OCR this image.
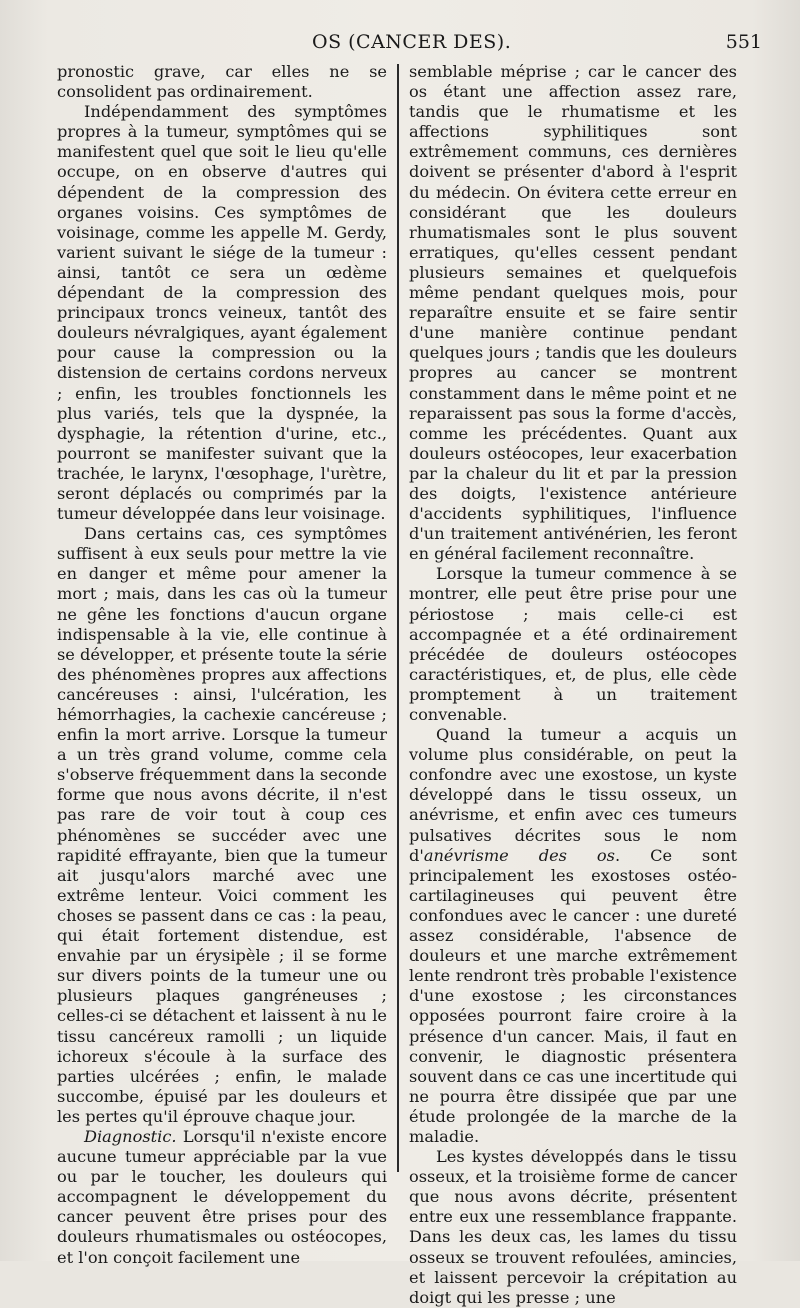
OS (CANCER DES).	551

pronostic grave, car elles ne se consolident pas ordinairement.

Indépendamment des symptômes propres à la tumeur, symptômes qui se manifestent quel que soit le lieu qu'elle occupe, on en observe d'autres qui dépendent de la compression des organes voisins. Ces symptômes de voisinage, comme les appelle M. Gerdy, varient suivant le siége de la tumeur : ainsi, tantôt ce sera un œdème dépendant de la compression des principaux troncs veineux, tantôt des douleurs névralgiques, ayant également pour cause la compression ou la distension de certains cordons nerveux ; enfin, les troubles fonctionnels les plus variés, tels que la dyspnée, la dysphagie, la rétention d'urine, etc., pourront se manifester suivant que la trachée, le larynx, l'œsophage, l'urètre, seront déplacés ou comprimés par la tumeur développée dans leur voisinage.

Dans certains cas, ces symptômes suffisent à eux seuls pour mettre la vie en danger et même pour amener la mort ; mais, dans les cas où la tumeur ne gêne les fonctions d'aucun organe indispensable à la vie, elle continue à se développer, et présente toute la série des phénomènes propres aux affections cancéreuses : ainsi, l'ulcération, les hémorrhagies, la cachexie cancéreuse ; enfin la mort arrive. Lorsque la tumeur a un très grand volume, comme cela s'observe fréquemment dans la seconde forme que nous avons décrite, il n'est pas rare de voir tout à coup ces phénomènes se succéder avec une rapidité effrayante, bien que la tumeur ait jusqu'alors marché avec une extrême lenteur. Voici comment les choses se passent dans ce cas : la peau, qui était fortement distendue, est envahie par un érysipèle ; il se forme sur divers points de la tumeur une ou plusieurs plaques gangréneuses ; celles-ci se détachent et laissent à nu le tissu cancéreux ramolli ; un liquide ichoreux s'écoule à la surface des parties ulcérées ; enfin, le malade succombe, épuisé par les douleurs et les pertes qu'il éprouve chaque jour.

Diagnostic. Lorsqu'il n'existe encore aucune tumeur appréciable par la vue ou par le toucher, les douleurs qui accompagnent le développement du cancer peuvent être prises pour des douleurs rhumatismales ou ostéocopes, et l'on conçoit facilement une

semblable méprise ; car le cancer des os étant une affection assez rare, tandis que le rhumatisme et les affections syphilitiques sont extrêmement communs, ces dernières doivent se présenter d'abord à l'esprit du médecin. On évitera cette erreur en considérant que les douleurs rhumatismales sont le plus souvent erratiques, qu'elles cessent pendant plusieurs semaines et quelquefois même pendant quelques mois, pour reparaître ensuite et se faire sentir d'une manière continue pendant quelques jours ; tandis que les douleurs propres au cancer se montrent constamment dans le même point et ne reparaissent pas sous la forme d'accès, comme les précédentes. Quant aux douleurs ostéocopes, leur exacerbation par la chaleur du lit et par la pression des doigts, l'existence antérieure d'accidents syphilitiques, l'influence d'un traitement antivénérien, les feront en général facilement reconnaître.

Lorsque la tumeur commence à se montrer, elle peut être prise pour une périostose ; mais celle-ci est accompagnée et a été ordinairement précédée de douleurs ostéocopes caractéristiques, et, de plus, elle cède promptement à un traitement convenable.

Quand la tumeur a acquis un volume plus considérable, on peut la confondre avec une exostose, un kyste développé dans le tissu osseux, un anévrisme, et enfin avec ces tumeurs pulsatives décrites sous le nom d'anévrisme des os. Ce sont principalement les exostoses ostéo-cartilagineuses qui peuvent être confondues avec le cancer : une dureté assez considérable, l'absence de douleurs et une marche extrêmement lente rendront très probable l'existence d'une exostose ; les circonstances opposées pourront faire croire à la présence d'un cancer. Mais, il faut en convenir, le diagnostic présentera souvent dans ce cas une incertitude qui ne pourra être dissipée que par une étude prolongée de la marche de la maladie.

Les kystes développés dans le tissu osseux, et la troisième forme de cancer que nous avons décrite, présentent entre eux une ressemblance frappante. Dans les deux cas, les lames du tissu osseux se trouvent refoulées, amincies, et laissent percevoir la crépitation au doigt qui les presse ; une
